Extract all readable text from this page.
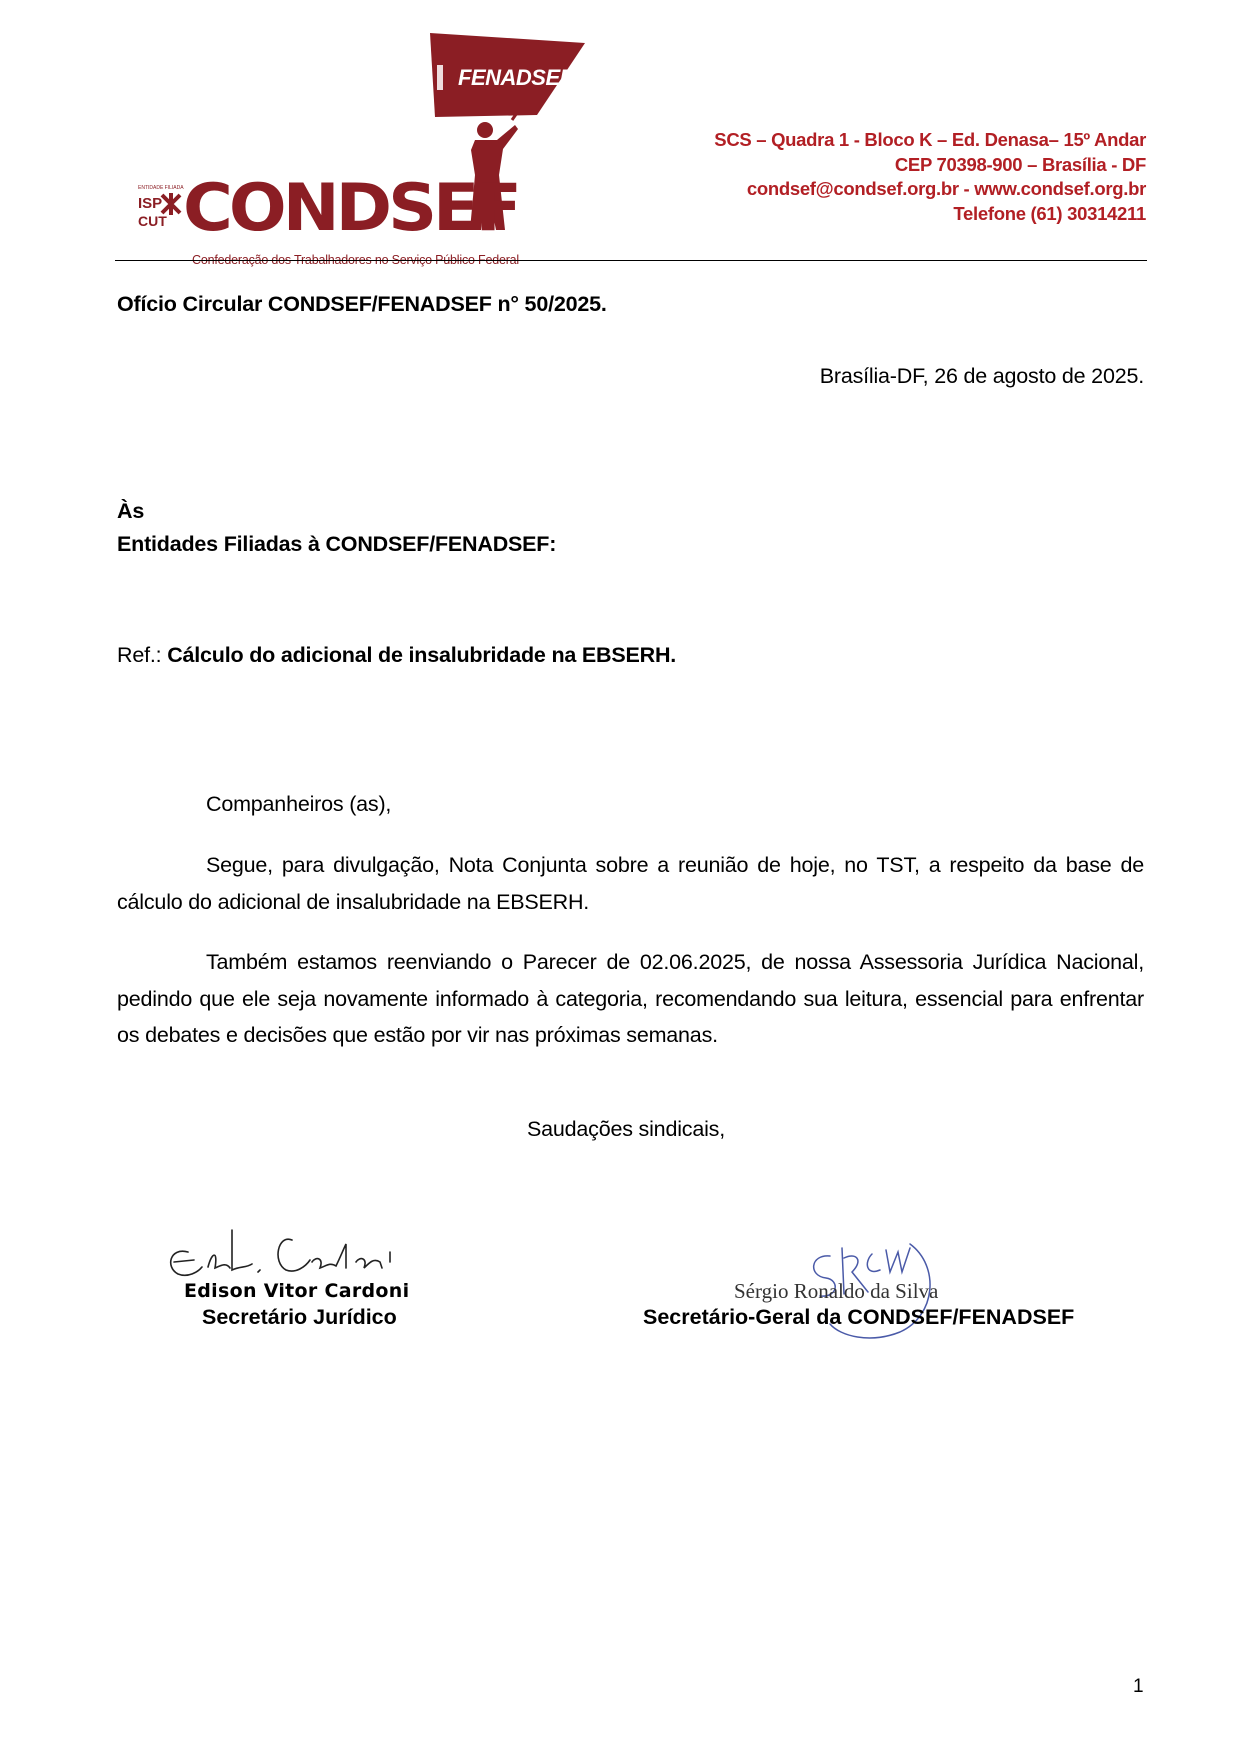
FENADSEF
ENTIDADE FILIADA
ISP
CUT CONDSEF
Confederação dos Trabalhadores no Serviço Público Federal
SCS – Quadra 1 - Bloco K – Ed. Denasa– 15º Andar
CEP 70398-900 – Brasília - DF
condsef@condsef.org.br - www.condsef.org.br
Telefone (61) 30314211
Ofício Circular CONDSEF/FENADSEF n° 50/2025.
Brasília-DF, 26 de agosto de 2025.
Às
Entidades Filiadas à CONDSEF/FENADSEF:
Ref.: Cálculo do adicional de insalubridade na EBSERH.
Companheiros (as),

Segue, para divulgação, Nota Conjunta sobre a reunião de hoje, no TST, a respeito da base de cálculo do adicional de insalubridade na EBSERH.

Também estamos reenviando o Parecer de 02.06.2025, de nossa Assessoria Jurídica Nacional, pedindo que ele seja novamente informado à categoria, recomendando sua leitura, essencial para enfrentar os debates e decisões que estão por vir nas próximas semanas.

Saudações sindicais,
Edison Vitor Cardoni
Secretário Jurídico
Sérgio Ronaldo da Silva
Secretário-Geral da CONDSEF/FENADSEF
1
